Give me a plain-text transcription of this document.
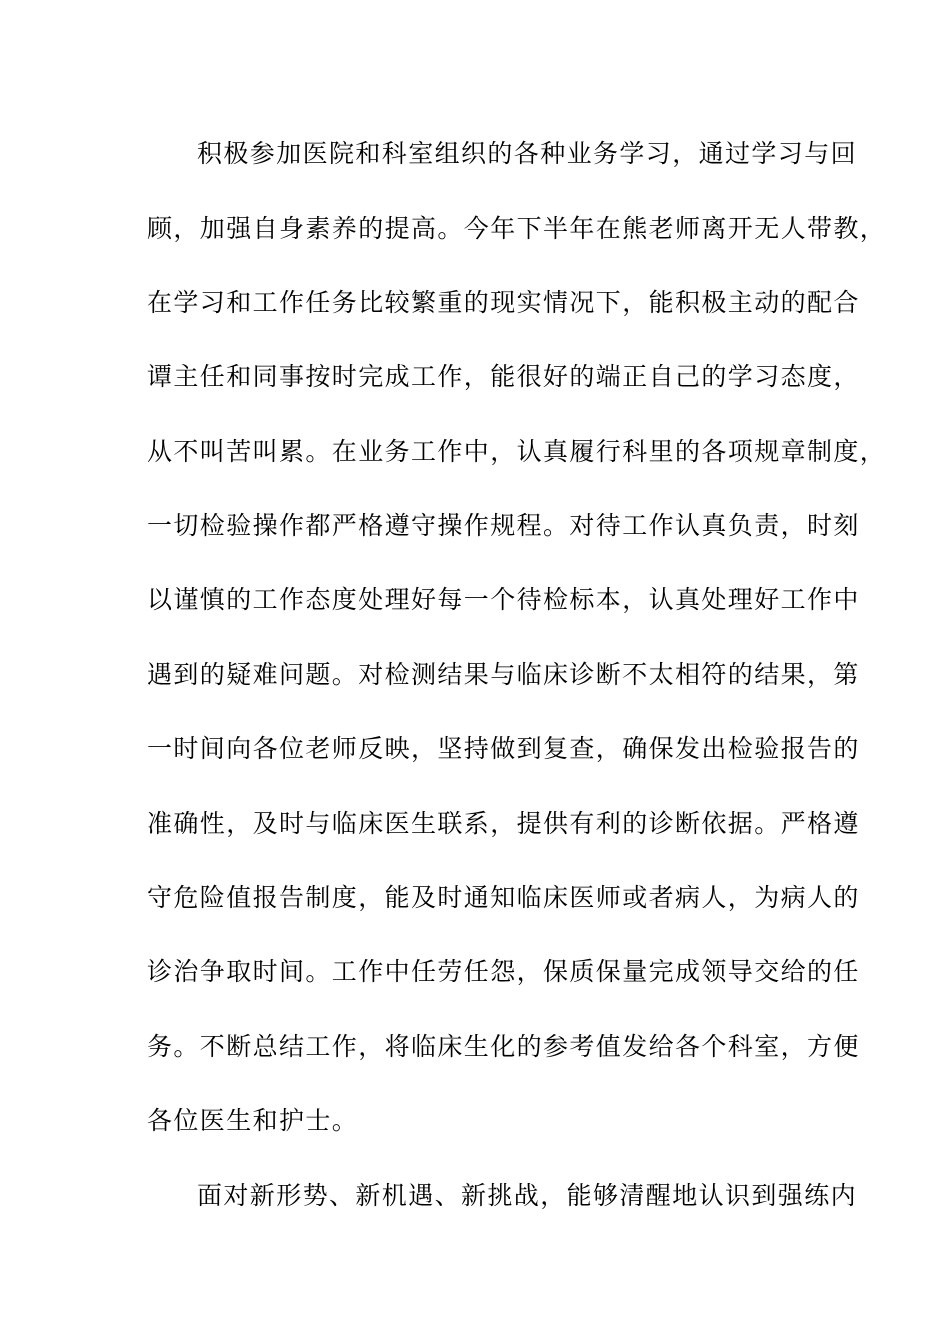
积极参加医院和科室组织的各种业务学习，通过学习与回
顾，加强自身素养的提高。今年下半年在熊老师离开无人带教，
在学习和工作任务比较繁重的现实情况下，能积极主动的配合
谭主任和同事按时完成工作，能很好的端正自己的学习态度，
从不叫苦叫累。在业务工作中，认真履行科里的各项规章制度，
一切检验操作都严格遵守操作规程。对待工作认真负责，时刻
以谨慎的工作态度处理好每一个待检标本，认真处理好工作中
遇到的疑难问题。对检测结果与临床诊断不太相符的结果，第
一时间向各位老师反映，坚持做到复查，确保发出检验报告的
准确性，及时与临床医生联系，提供有利的诊断依据。严格遵
守危险值报告制度，能及时通知临床医师或者病人，为病人的
诊治争取时间。工作中任劳任怨，保质保量完成领导交给的任
务。不断总结工作，将临床生化的参考值发给各个科室，方便
各位医生和护士。
面对新形势、新机遇、新挑战，能够清醒地认识到强练内
